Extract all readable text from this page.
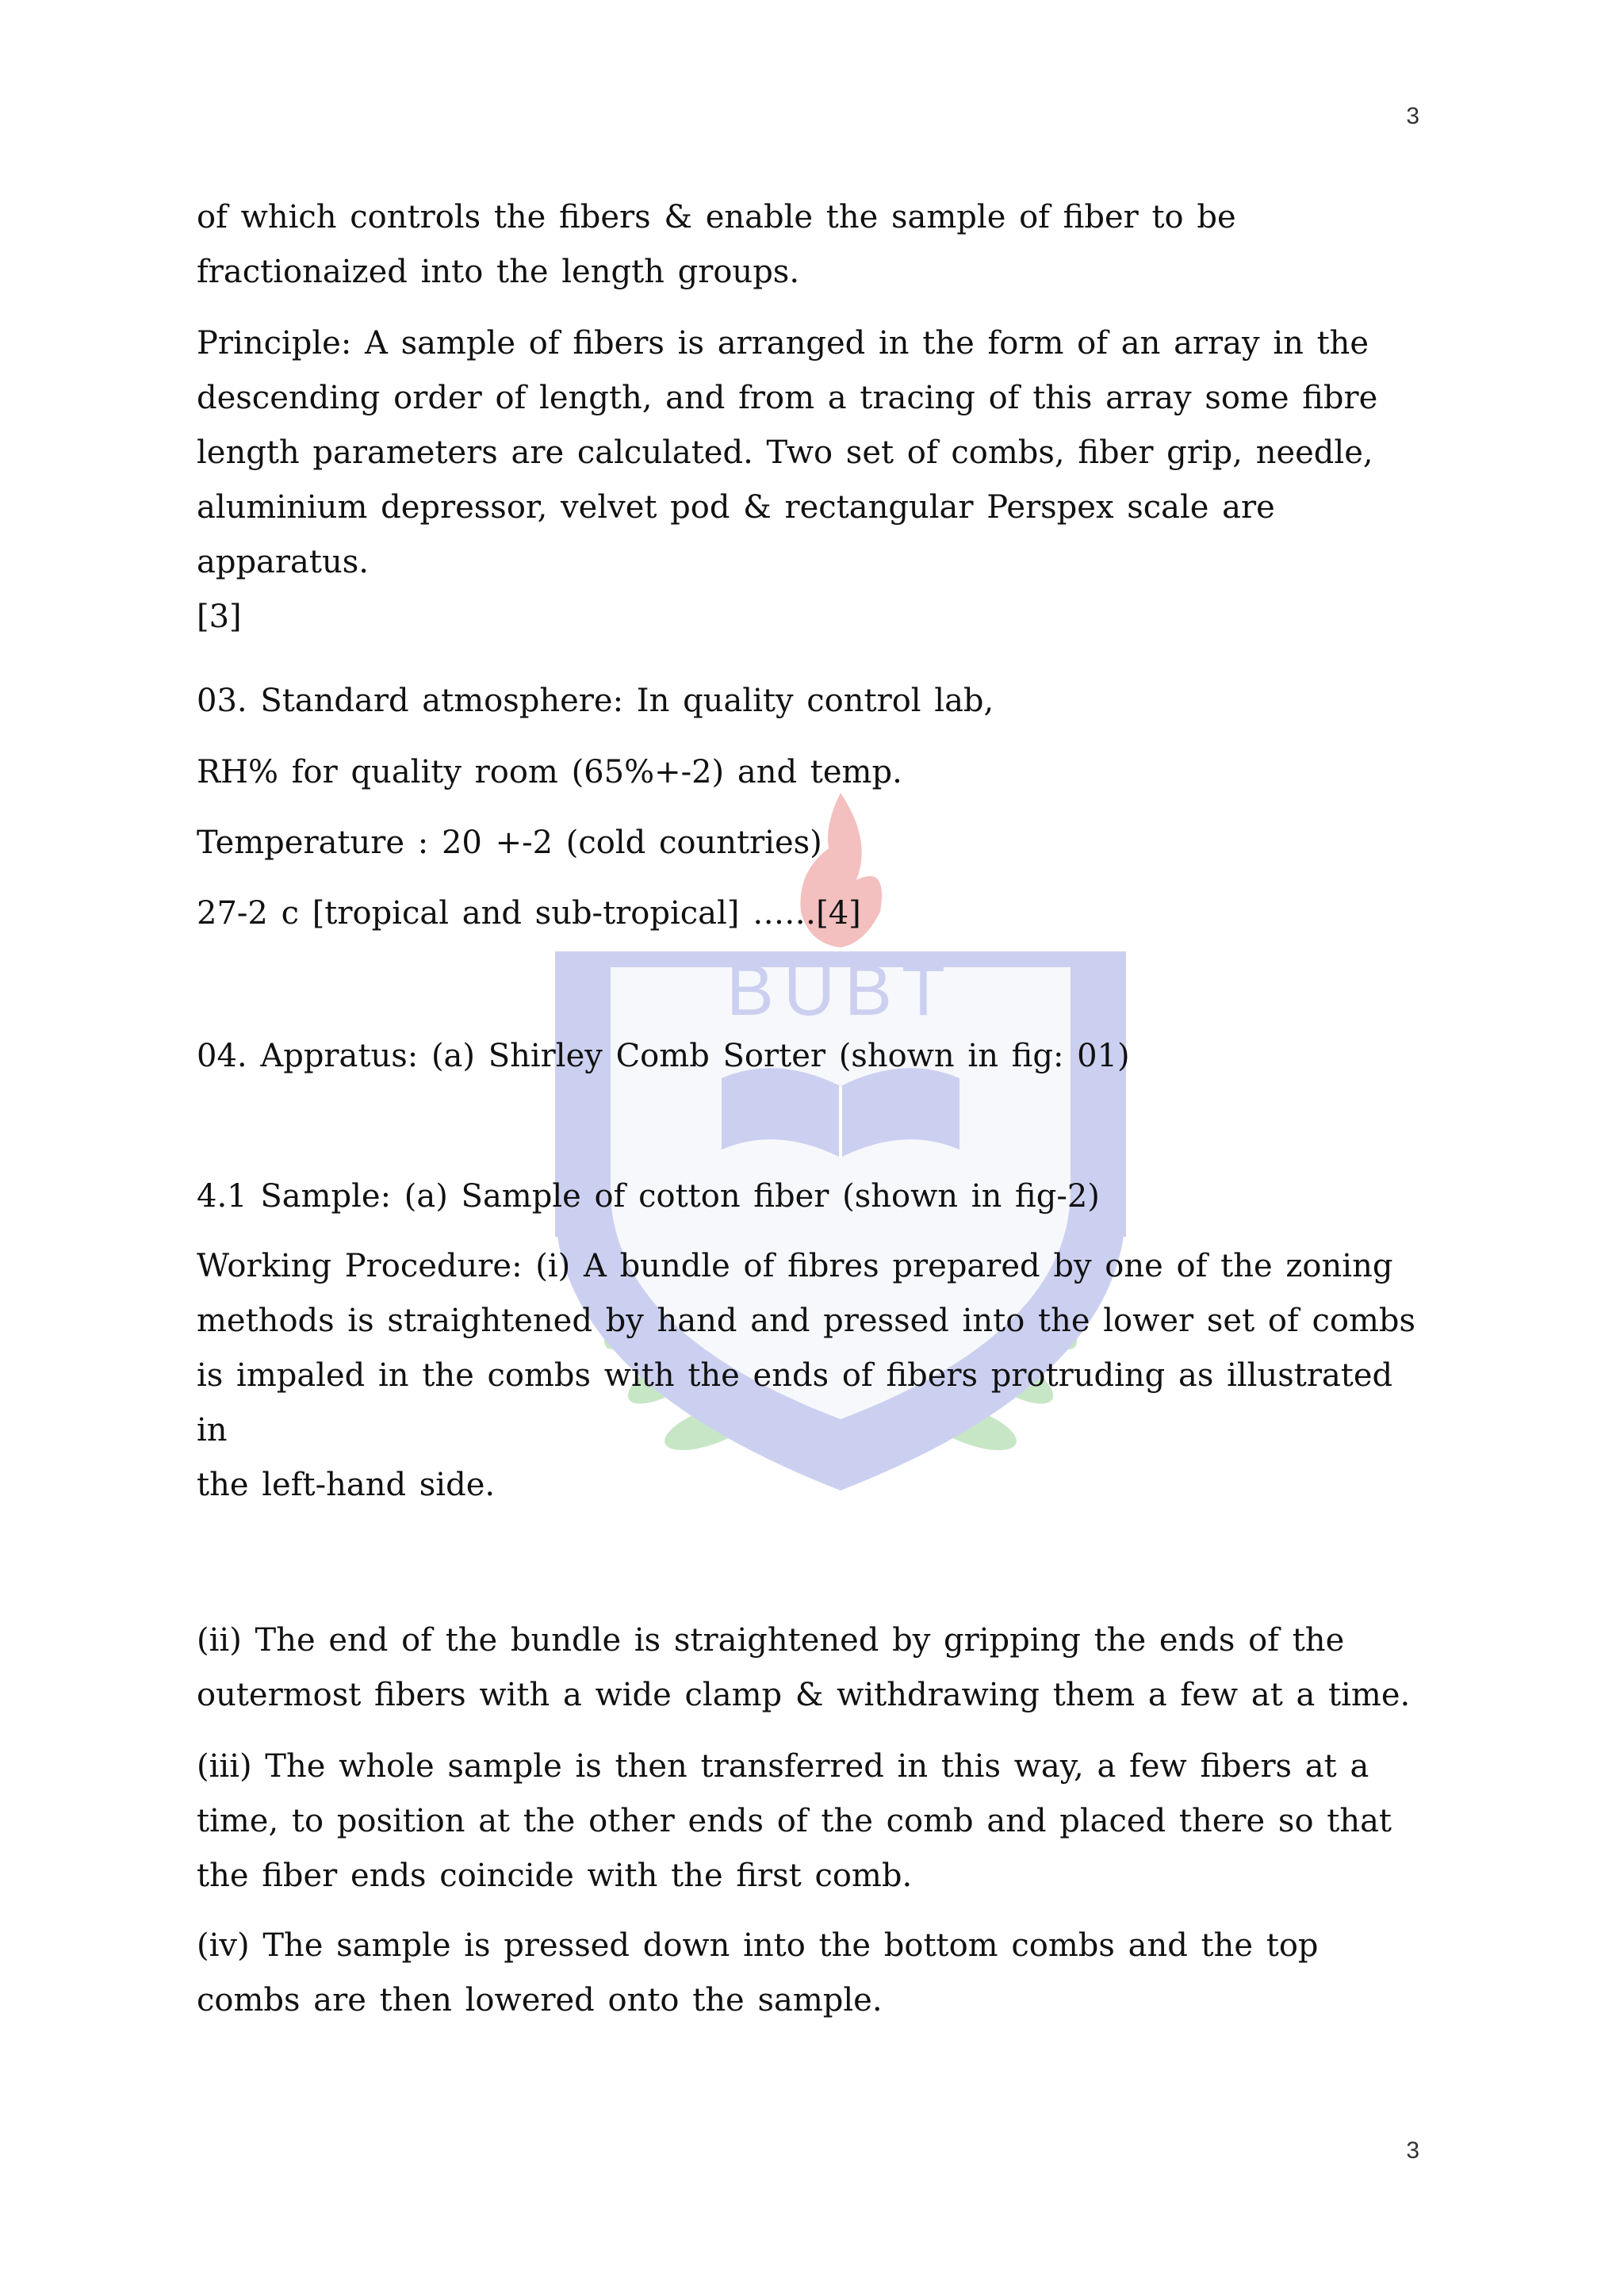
3
BUBT

of which controls the fibers & enable the sample of fiber to be
fractionaized into the length groups.

Principle: A sample of fibers is arranged in the form of an array in the
descending order of length, and from a tracing of this array some fibre
length parameters are calculated. Two set of combs, fiber grip, needle,
aluminium depressor, velvet pod & rectangular Perspex scale are apparatus.
[3]

03. Standard atmosphere: In quality control lab,

RH% for quality room (65%+-2) and temp.

Temperature : 20 +-2 (cold countries)

27-2 c [tropical and sub-tropical] ……[4]

04. Appratus: (a) Shirley Comb Sorter (shown in fig: 01)

4.1 Sample: (a) Sample of cotton fiber (shown in fig-2)

Working Procedure: (i) A bundle of fibres prepared by one of the zoning
methods is straightened by hand and pressed into the lower set of combs
is impaled in the combs with the ends of fibers protruding as illustrated in
the left-hand side.

(ii) The end of the bundle is straightened by gripping the ends of the
outermost fibers with a wide clamp & withdrawing them a few at a time.

(iii) The whole sample is then transferred in this way, a few fibers at a
time, to position at the other ends of the comb and placed there so that
the fiber ends coincide with the first comb.

(iv) The sample is pressed down into the bottom combs and the top
combs are then lowered onto the sample.

3
